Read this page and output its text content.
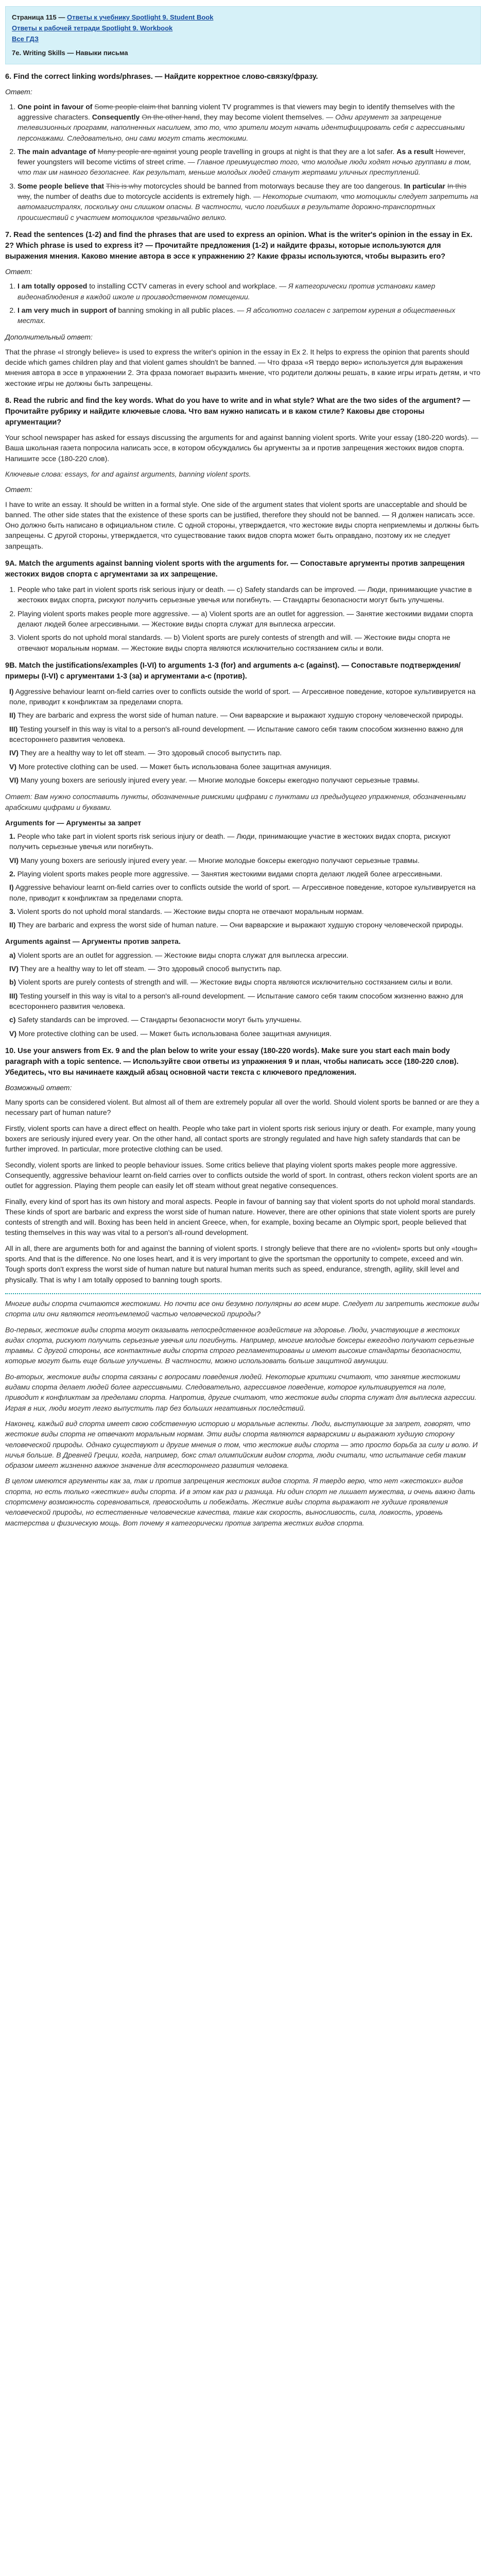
Страница 115 — Ответы к учебнику Spotlight 9. Student Book
Ответы к рабочей тетради Spotlight 9. Workbook
Все ГДЗ
7e. Writing Skills — Навыки письма
6. Find the correct linking words/phrases. — Найдите корректное слово-связку/фразу.
Ответ:
1. One point in favour of Some people claim that banning violent TV programmes is that viewers may begin to identify themselves with the aggressive characters. Consequently On the other hand, they may become violent themselves. — Одни аргумент за запрещение телевизионных программ, наполненных насилием, это то, что зрители могут начать идентифицировать себя с агрессивными персонажами. Следовательно, они сами могут стать жестокими.
2. The main advantage of Many people are against young people travelling in groups at night is that they are a lot safer. As a result However, fewer youngsters will become victims of street crime. — Главное преимущество того, что молодые люди ходят ночью группами в том, что так им намного безопаснее. Как результат, меньше молодых людей станут жертвами уличных преступлений.
3. Some people believe that This is why motorcycles should be banned from motorways because they are too dangerous. In particular In this way, the number of deaths due to motorcycle accidents is extremely high. — Некоторые считают, что мотоциклы следует запретить на автомагистралях, поскольку они слишком опасны. В частности, число погибших в результате дорожно-транспортных происшествий с участием мотоциклов чрезвычайно велико.
7. Read the sentences (1-2) and find the phrases that are used to express an opinion. What is the writer's opinion in the essay in Ex. 2? Which phrase is used to express it? — Прочитайте предложения (1-2) и найдите фразы, которые используются для выражения мнения. Каково мнение автора в эссе к упражнению 2? Какие фразы используются, чтобы выразить его?
Ответ:
1. I am totally opposed to installing CCTV cameras in every school and workplace. — Я категорически против установки камер видеонаблюдения в каждой школе и производственном помещении.
2. I am very much in support of banning smoking in all public places. — Я абсолютно согласен с запретом курения в общественных местах.
Дополнительный ответ:

That the phrase «I strongly believe» is used to express the writer's opinion in the essay in Ex 2. It helps to express the opinion that parents should decide which games children play and that violent games shouldn't be banned. — Что фраза «Я твердо верю» используется для выражения мнения автора в эссе в упражнении 2. Эта фраза помогает выразить мнение, что родители должны решать, в какие игры играть детям, и что жестокие игры не должны быть запрещены.

8. Read the rubric and find the key words. What do you have to write and in what style? What are the two sides of the argument? — Прочитайте рубрику и найдите ключевые слова. Что вам нужно написать и в каком стиле? Каковы две стороны аргументации?

Your school newspaper has asked for essays discussing the arguments for and against banning violent sports. Write your essay (180-220 words). — Ваша школьная газета попросила написать эссе, в котором обсуждались бы аргументы за и против запрещения жестоких видов спорта. Напишите эссе (180-220 слов).

Ключевые слова: essays, for and against arguments, banning violent sports.

Ответ:

I have to write an essay. It should be written in a formal style. One side of the argument states that violent sports are unacceptable and should be banned. The other side states that the existence of these sports can be justified, therefore they should not be banned. — Я должен написать эссе. Оно должно быть написано в официальном стиле. С одной стороны, утверждается, что жестокие виды спорта неприемлемы и должны быть запрещены. С другой стороны, утверждается, что существование таких видов спорта может быть оправдано, поэтому их не следует запрещать.

9A. Match the arguments against banning violent sports with the arguments for. — Сопоставьте аргументы против запрещения жестоких видов спорта с аргументами за их запрещение.
1. People who take part in violent sports risk serious injury or death. — c) Safety standards can be improved. — Люди, принимающие участие в жестоких видах спорта, рискуют получить серьезные увечья или погибнуть. — Стандарты безопасности могут быть улучшены.
2. Playing violent sports makes people more aggressive. — a) Violent sports are an outlet for aggression. — Занятие жестокими видами спорта делают людей более агрессивными. — Жестокие виды спорта служат для выплеска агрессии.
3. Violent sports do not uphold moral standards. — b) Violent sports are purely contests of strength and will. — Жестокие виды спорта не отвечают моральным нормам. — Жестокие виды спорта являются исключительно состязанием силы и воли.
9B. Match the justifications/examples (I-VI) to arguments 1-3 (for) and arguments a-c (against). — Сопоставьте подтверждения/примеры (I-VI) с аргументами 1-3 (за) и аргументами a-c (против).
I) Aggressive behaviour learnt on-field carries over to conflicts outside the world of sport. — Агрессивное поведение, которое культивируется на поле, приводит к конфликтам за пределами спорта.
II) They are barbaric and express the worst side of human nature. — Они варварские и выражают худшую сторону человеческой природы.
III) Testing yourself in this way is vital to a person's all-round development. — Испытание самого себя таким способом жизненно важно для всестороннего развития человека.
IV) They are a healthy way to let off steam. — Это здоровый способ выпустить пар.
V) More protective clothing can be used. — Может быть использована более защитная амуниция.
VI) Many young boxers are seriously injured every year. — Многие молодые боксеры ежегодно получают серьезные травмы.

Ответ: Вам нужно сопоставить пункты, обозначенные римскими цифрами с пунктами из предыдущего упражнения, обозначенными арабскими цифрами и буквами.

Arguments for — Аргументы за запрет
1. People who take part in violent sports risk serious injury or death. — Люди, принимающие участие в жестоких видах спорта, рискуют получить серьезные увечья или погибнуть.
VI) Many young boxers are seriously injured every year. — Многие молодые боксеры ежегодно получают серьезные травмы.
2. Playing violent sports makes people more aggressive. — Занятия жестокими видами спорта делают людей более агрессивными.
I) Aggressive behaviour learnt on-field carries over to conflicts outside the world of sport. — Агрессивное поведение, которое культивируется на поле, приводит к конфликтам за пределами спорта.
3. Violent sports do not uphold moral standards. — Жестокие виды спорта не отвечают моральным нормам.
II) They are barbaric and express the worst side of human nature. — Они варварские и выражают худшую сторону человеческой природы.
Arguments against — Аргументы против запрета.
a) Violent sports are an outlet for aggression. — Жестокие виды спорта служат для выплеска агрессии.
IV) They are a healthy way to let off steam. — Это здоровый способ выпустить пар.
b) Violent sports are purely contests of strength and will. — Жестокие виды спорта являются исключительно состязанием силы и воли.
III) Testing yourself in this way is vital to a person's all-round development. — Испытание самого себя таким способом жизненно важно для всестороннего развития человека.
c) Safety standards can be improved. — Стандарты безопасности могут быть улучшены.
V) More protective clothing can be used. — Может быть использована более защитная амуниция.
10. Use your answers from Ex. 9 and the plan below to write your essay (180-220 words). Make sure you start each main body paragraph with a topic sentence. — Используйте свои ответы из упражнения 9 и план, чтобы написать эссе (180-220 слов). Убедитесь, что вы начинаете каждый абзац основной части текста с ключевого предложения.
Возможный ответ:

Many sports can be considered violent. But almost all of them are extremely popular all over the world. Should violent sports be banned or are they a necessary part of human nature?

Firstly, violent sports can have a direct effect on health. People who take part in violent sports risk serious injury or death. For example, many young boxers are seriously injured every year. On the other hand, all contact sports are strongly regulated and have high safety standards that can be further improved. In particular, more protective clothing can be used.

Secondly, violent sports are linked to people behaviour issues. Some critics believe that playing violent sports makes people more aggressive. Consequently, aggressive behaviour learnt on-field carries over to conflicts outside the world of sport. In contrast, others reckon violent sports are an outlet for aggression. Playing them people can easily let off steam without great negative consequences.

Finally, every kind of sport has its own history and moral aspects. People in favour of banning say that violent sports do not uphold moral standards. These kinds of sport are barbaric and express the worst side of human nature. However, there are other opinions that state violent sports are purely contests of strength and will. Boxing has been held in ancient Greece, when, for example, boxing became an Olympic sport, people believed that testing themselves in this way was vital to a person's all-round development.

All in all, there are arguments both for and against the banning of violent sports. I strongly believe that there are no «violent» sports but only «tough» sports. And that is the difference. No one loses heart, and it is very important to give the sportsman the opportunity to compete, exceed and win. Tough sports don't express the worst side of human nature but natural human merits such as speed, endurance, strength, agility, skill level and physically. That is why I am totally opposed to banning tough sports.

Многие виды спорта считаются жестокими. Но почти все они безумно популярны во всем мире. Следует ли запретить жестокие виды спорта или они являются неотъемлемой частью человеческой природы?

Во-первых, жестокие виды спорта могут оказывать непосредственное воздействие на здоровье. Люди, участвующие в жестоких видах спорта, рискуют получить серьезные увечья или погибнуть. Например, многие молодые боксеры ежегодно получают серьезные травмы. С другой стороны, все контактные виды спорта строго регламентированы и имеют высокие стандарты безопасности, которые могут быть еще больше улучшены. В частности, можно использовать больше защитной амуниции.

Во-вторых, жестокие виды спорта связаны с вопросами поведения людей. Некоторые критики считают, что занятие жестокими видами спорта делает людей более агрессивными. Следовательно, агрессивное поведение, которое культивируется на поле, приводит к конфликтам за пределами спорта. Напротив, другие считают, что жестокие виды спорта служат для выплеска агрессии. Играя в них, люди могут легко выпустить пар без больших негативных последствий.

Наконец, каждый вид спорта имеет свою собственную историю и моральные аспекты. Люди, выступающие за запрет, говорят, что жестокие виды спорта не отвечают моральным нормам. Эти виды спорта являются варварскими и выражают худшую сторону человеческой природы. Однако существуют и другие мнения о том, что жестокие виды спорта — это просто борьба за силу и волю. И ничья больше. В Древней Греции, когда, например, бокс стал олимпийским видом спорта, люди считали, что испытание себя таким образом имеет жизненно важное значение для всестороннего развития человека.

В целом имеются аргументы как за, так и против запрещения жестоких видов спорта. Я твердо верю, что нет «жестоких» видов спорта, но есть только «жесткие» виды спорта. И в этом как раз и разница. Ни один спорт не лишает мужества, и очень важно дать спортсмену возможность соревноваться, превосходить и побеждать. Жесткие виды спорта выражают не худшие проявления человеческой природы, но естественные человеческие качества, такие как скорость, выносливость, сила, ловкость, уровень мастерства и физическую мощь. Вот почему я категорически против запрета жестких видов спорта.
